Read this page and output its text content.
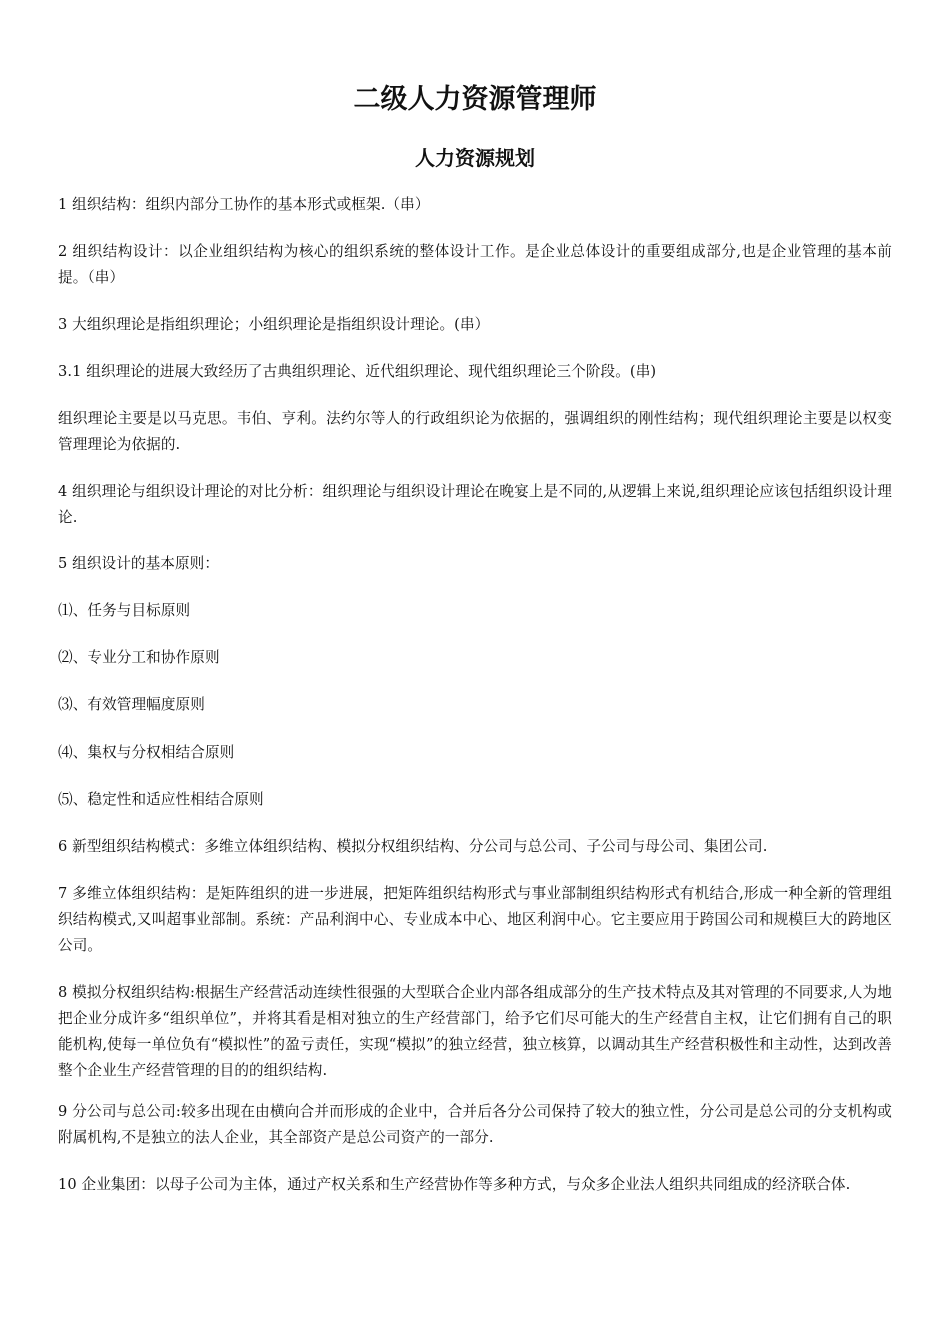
二级人力资源管理师
人力资源规划

1 组织结构：组织内部分工协作的基本形式或框架.（串）

2 组织结构设计：以企业组织结构为核心的组织系统的整体设计工作。是企业总体设计的重要组成部分,也是企业管理的基本前提。（串）

3 大组织理论是指组织理论；小组织理论是指组织设计理论。(串）

3.1 组织理论的进展大致经历了古典组织理论、近代组织理论、现代组织理论三个阶段。(串)

组织理论主要是以马克思。韦伯、亨利。法约尔等人的行政组织论为依据的，强调组织的刚性结构；现代组织理论主要是以权变管理理论为依据的.

4 组织理论与组织设计理论的对比分析：组织理论与组织设计理论在晚宴上是不同的,从逻辑上来说,组织理论应该包括组织设计理论.

5 组织设计的基本原则：

⑴、任务与目标原则

⑵、专业分工和协作原则

⑶、有效管理幅度原则

⑷、集权与分权相结合原则

⑸、稳定性和适应性相结合原则

6 新型组织结构模式：多维立体组织结构、模拟分权组织结构、分公司与总公司、子公司与母公司、集团公司.

7 多维立体组织结构：是矩阵组织的进一步进展，把矩阵组织结构形式与事业部制组织结构形式有机结合,形成一种全新的管理组织结构模式,又叫超事业部制。系统：产品利润中心、专业成本中心、地区利润中心。它主要应用于跨国公司和规模巨大的跨地区公司。

8 模拟分权组织结构:根据生产经营活动连续性很强的大型联合企业内部各组成部分的生产技术特点及其对管理的不同要求,人为地把企业分成许多“组织单位”，并将其看是相对独立的生产经营部门，给予它们尽可能大的生产经营自主权，让它们拥有自己的职能机构,使每一单位负有“模拟性”的盈亏责任，实现“模拟”的独立经营，独立核算，以调动其生产经营积极性和主动性，达到改善整个企业生产经营管理的目的的组织结构.

9 分公司与总公司:较多出现在由横向合并而形成的企业中，合并后各分公司保持了较大的独立性，分公司是总公司的分支机构或附属机构,不是独立的法人企业，其全部资产是总公司资产的一部分.

10 企业集团：以母子公司为主体，通过产权关系和生产经营协作等多种方式，与众多企业法人组织共同组成的经济联合体.
